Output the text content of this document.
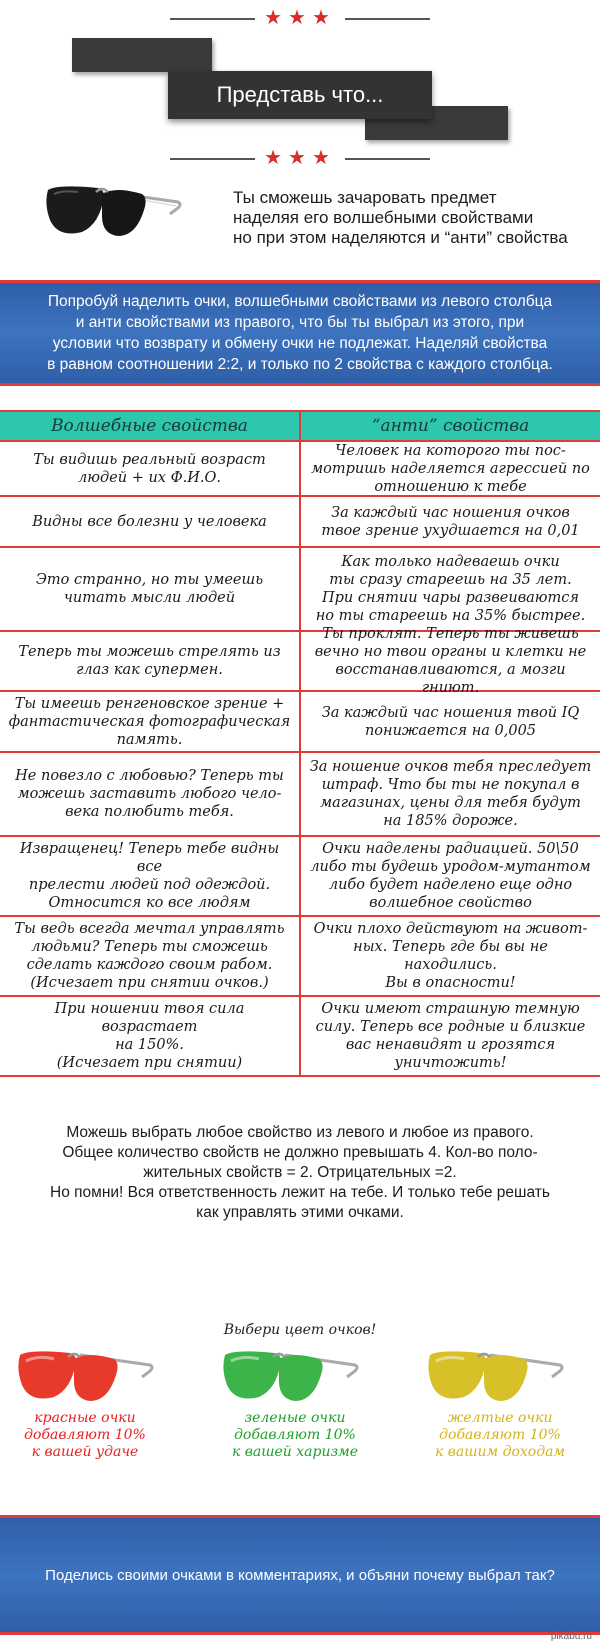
★★★
Представь что...
★★★
Ты сможешь зачаровать предмет
наделяя его волшебными свойствами
но при этом наделяются и “анти” свойства
Попробуй наделить очки, волшебными свойствами из левого столбца
и анти свойствами из правого, что бы ты выбрал из этого, при
условии что возврату и обмену очки не подлежат. Наделяй свойства
в равном соотношении 2:2, и только по 2 свойства с каждого столбца.
Волшебные свойства	“анти” свойства
Ты видишь реальный возраст
людей + их Ф.И.О.
Человек на которого ты пос-
мотришь наделяется агрессией по
отношению к тебе
Видны все болезни у человека
За каждый час ношения очков
твое зрение ухудшается на 0,01
Это странно, но ты умеешь
читать мысли людей
Как только надеваешь очки
ты сразу стареешь на 35 лет.
При снятии чары развеиваются
но ты стареешь на 35% быстрее.
Теперь ты можешь стрелять из
глаз как супермен.
Ты проклят. Теперь ты живешь
вечно но твои органы и клетки не
восстанавливаются, а мозги гниют.
Ты имеешь ренгеновское зрение +
фантастическая фотографическая
память.
За каждый час ношения твой IQ
понижается на 0,005
Не повезло с любовью? Теперь ты
можешь заставить любого чело-
века полюбить тебя.
За ношение очков тебя преследует
штраф. Что бы ты не покупал в
магазинах, цены для тебя будут
на 185% дороже.
Извращенец! Теперь тебе видны все
прелести людей под одеждой.
Относится ко все людям
Очки наделены радиацией. 50\50
либо ты будешь уродом-мутантом
либо будет наделено еще одно
волшебное свойство
Ты ведь всегда мечтал управлять
людьми? Теперь ты сможешь
сделать каждого своим рабом.
(Исчезает при снятии очков.)
Очки плохо действуют на живот-
ных. Теперь где бы вы не находились.
Вы в опасности!
При ношении твоя сила возрастает
на 150%.
(Исчезает при снятии)
Очки имеют страшную темную
силу. Теперь все родные и близкие
вас ненавидят и грозятся
уничтожить!
Можешь выбрать любое свойство из левого и любое из правого.
Общее количество свойств не должно превышать 4. Кол-во поло-
жительных свойств = 2. Отрицательных =2.
Но помни! Вся ответственность лежит на тебе. И только тебе решать
как управлять этими очками.
Выбери цвет очков!
красные очки
добавляют 10%
к вашей удаче
зеленые очки
добавляют 10%
к вашей харизме
желтые очки
добавляют 10%
к вашим доходам
Поделись своими очками в комментариях, и объяни почему выбрал так?
pikabu.ru
